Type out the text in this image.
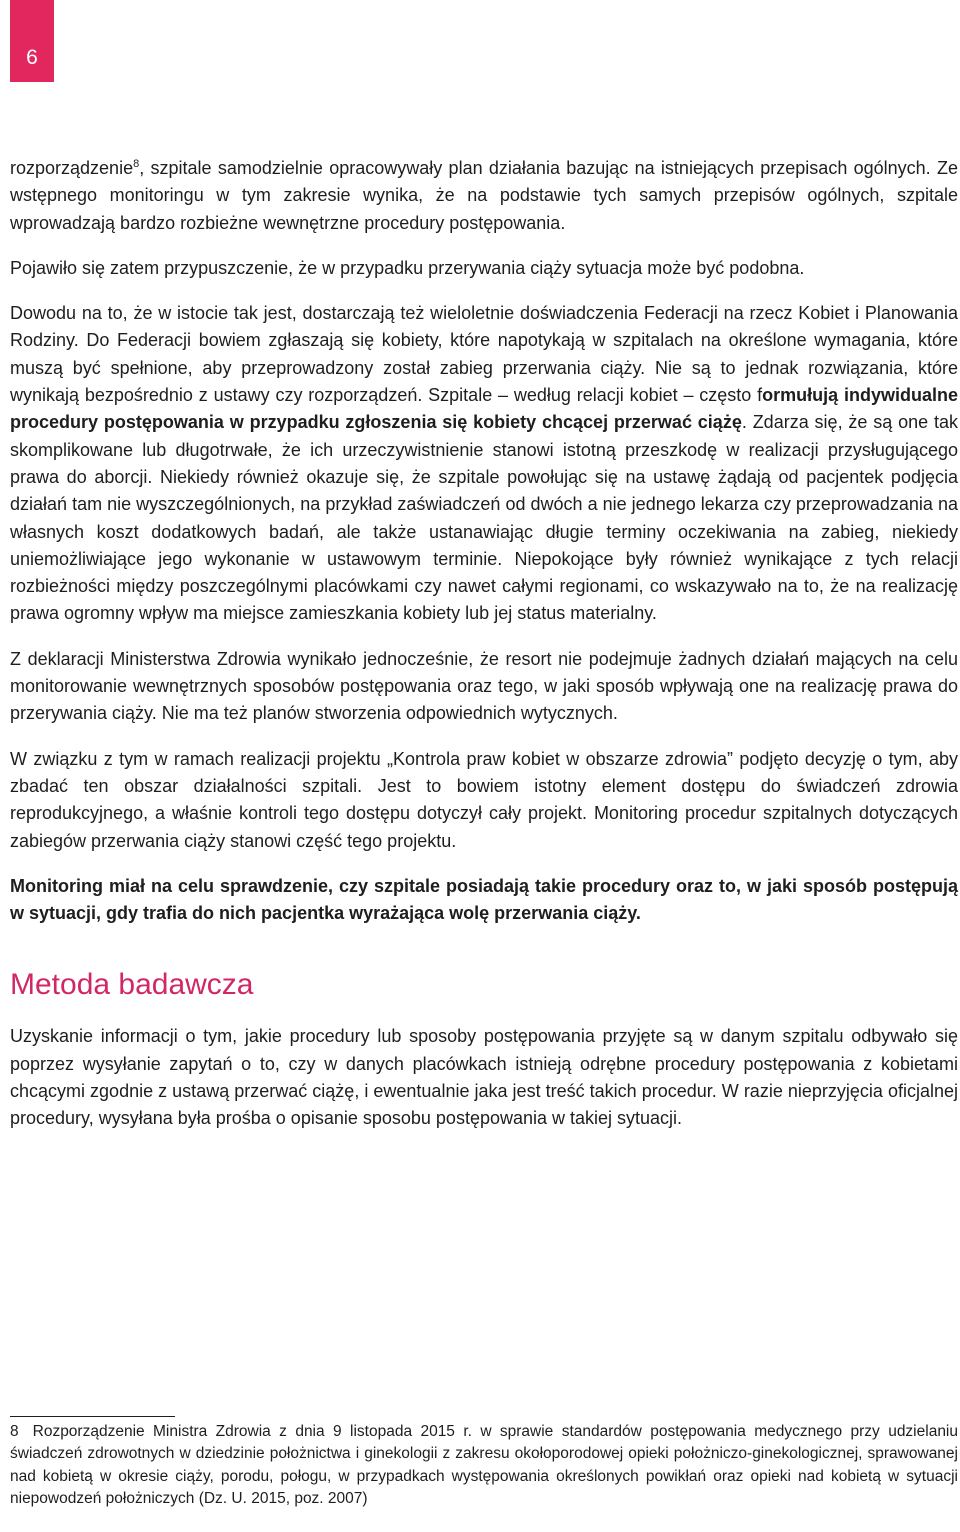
6

rozporządzenie$^8$, szpitale samodzielnie opracowywały plan działania bazując na istniejących przepisach ogólnych. Ze wstępnego monitoringu w tym zakresie wynika, że na podstawie tych samych przepisów ogólnych, szpitale wprowadzają bardzo rozbieżne wewnętrzne procedury postępowania.

Pojawiło się zatem przypuszczenie, że w przypadku przerywania ciąży sytuacja może być podobna.

Dowodu na to, że w istocie tak jest, dostarczają też wieloletnie doświadczenia Federacji na rzecz Kobiet i Planowania Rodziny. Do Federacji bowiem zgłaszają się kobiety, które napotykają w szpitalach na określone wymagania, które muszą być spełnione, aby przeprowadzony został zabieg przerwania ciąży. Nie są to jednak rozwiązania, które wynikają bezpośrednio z ustawy czy rozporządzeń. Szpitale – według relacji kobiet – często formułują indywidualne procedury postępowania w przypadku zgłoszenia się kobiety chcącej przerwać ciążę. Zdarza się, że są one tak skomplikowane lub długotrwałe, że ich urzeczywistnienie stanowi istotną przeszkodę w realizacji przysługującego prawa do aborcji. Niekiedy również okazuje się, że szpitale powołując się na ustawę żądają od pacjentek podjęcia działań tam nie wyszczególnionych, na przykład zaświadczeń od dwóch a nie jednego lekarza czy przeprowadzania na własnych koszt dodatkowych badań, ale także ustanawiając długie terminy oczekiwania na zabieg, niekiedy uniemożliwiające jego wykonanie w ustawowym terminie. Niepokojące były również wynikające z tych relacji rozbieżności między poszczególnymi placówkami czy nawet całymi regionami, co wskazywało na to, że na realizację prawa ogromny wpływ ma miejsce zamieszkania kobiety lub jej status materialny.

Z deklaracji Ministerstwa Zdrowia wynikało jednocześnie, że resort nie podejmuje żadnych działań mających na celu monitorowanie wewnętrznych sposobów postępowania oraz tego, w jaki sposób wpływają one na realizację prawa do przerywania ciąży. Nie ma też planów stworzenia odpowiednich wytycznych.

W związku z tym w ramach realizacji projektu „Kontrola praw kobiet w obszarze zdrowia” podjęto decyzję o tym, aby zbadać ten obszar działalności szpitali. Jest to bowiem istotny element dostępu do świadczeń zdrowia reprodukcyjnego, a właśnie kontroli tego dostępu dotyczył cały projekt. Monitoring procedur szpitalnych dotyczących zabiegów przerwania ciąży stanowi część tego projektu.

Monitoring miał na celu sprawdzenie, czy szpitale posiadają takie procedury oraz to, w jaki sposób postępują w sytuacji, gdy trafia do nich pacjentka wyrażająca wolę przerwania ciąży.

Metoda badawcza

Uzyskanie informacji o tym, jakie procedury lub sposoby postępowania przyjęte są w danym szpitalu odbywało się poprzez wysyłanie zapytań o to, czy w danych placówkach istnieją odrębne procedury postępowania z kobietami chcącymi zgodnie z ustawą przerwać ciążę, i ewentualnie jaka jest treść takich procedur. W razie nieprzyjęcia oficjalnej procedury, wysyłana była prośba o opisanie sposobu postępowania w takiej sytuacji.

8 Rozporządzenie Ministra Zdrowia z dnia 9 listopada 2015 r. w sprawie standardów postępowania medycznego przy udzielaniu świadczeń zdrowotnych w dziedzinie położnictwa i ginekologii z zakresu okołoporodowej opieki położniczo-ginekologicznej, sprawowanej nad kobietą w okresie ciąży, porodu, połogu, w przypadkach występowania określonych powikłań oraz opieki nad kobietą w sytuacji niepowodzeń położniczych (Dz. U. 2015, poz. 2007)
